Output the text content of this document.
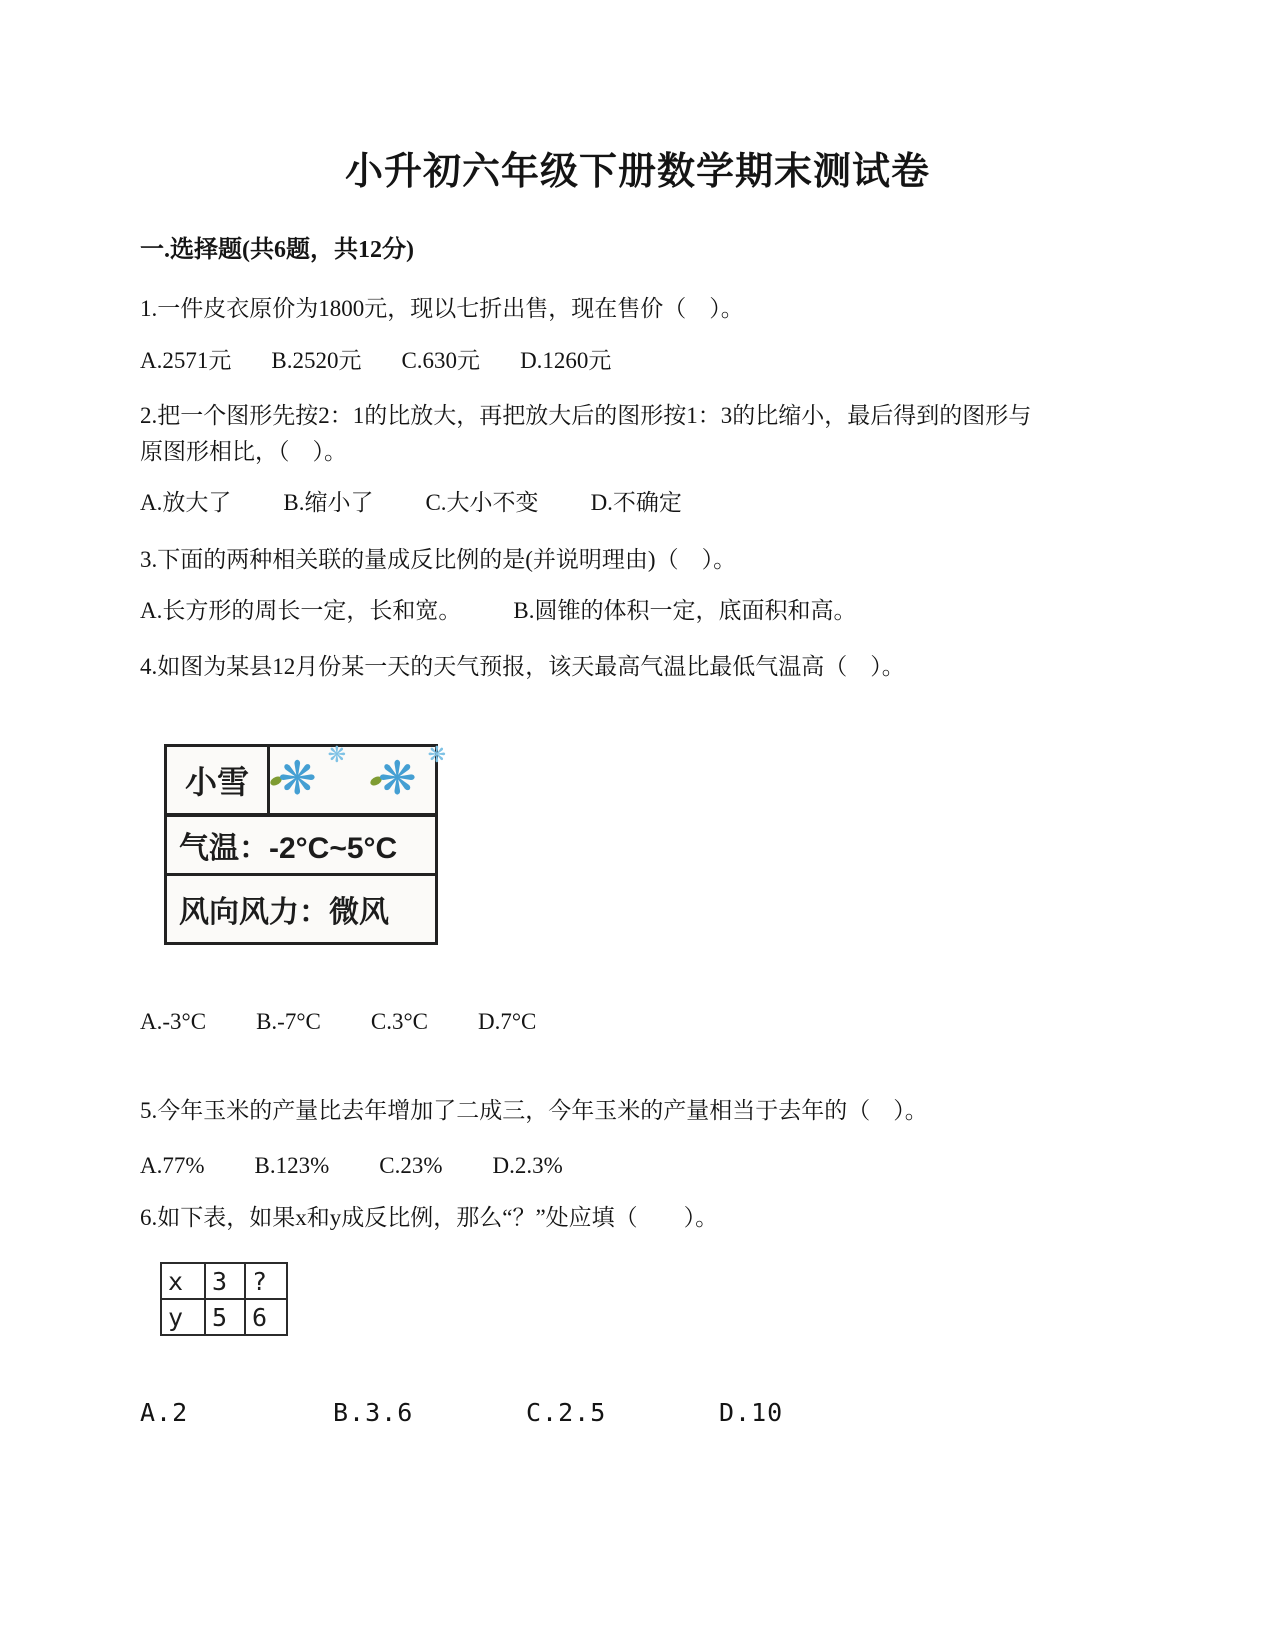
小升初六年级下册数学期末测试卷
一.选择题(共6题，共12分)
1.一件皮衣原价为1800元，现以七折出售，现在售价（　）。
A.2571元 B.2520元 C.630元 D.1260元
2.把一个图形先按2：1的比放大，再把放大后的图形按1：3的比缩小，最后得到的图形与原图形相比，（　）。
A.放大了 B.缩小了 C.大小不变 D.不确定
3.下面的两种相关联的量成反比例的是(并说明理由)（　）。
A.长方形的周长一定，长和宽。 B.圆锥的体积一定，底面积和高。
4.如图为某县12月份某一天的天气预报，该天最高气温比最低气温高（　）。
小雪 ❋ ❋ ❋ ❋
气温：-2°C~5°C
风向风力：微风
A.-3°C B.-7°C C.3°C D.7°C
5.今年玉米的产量比去年增加了二成三，今年玉米的产量相当于去年的（　）。
A.77% B.123% C.23% D.2.3%
6.如下表，如果x和y成反比例，那么“？”处应填（　　）。
x	3	?
y	5	6
A.2	B.3.6	C.2.5	D.10
